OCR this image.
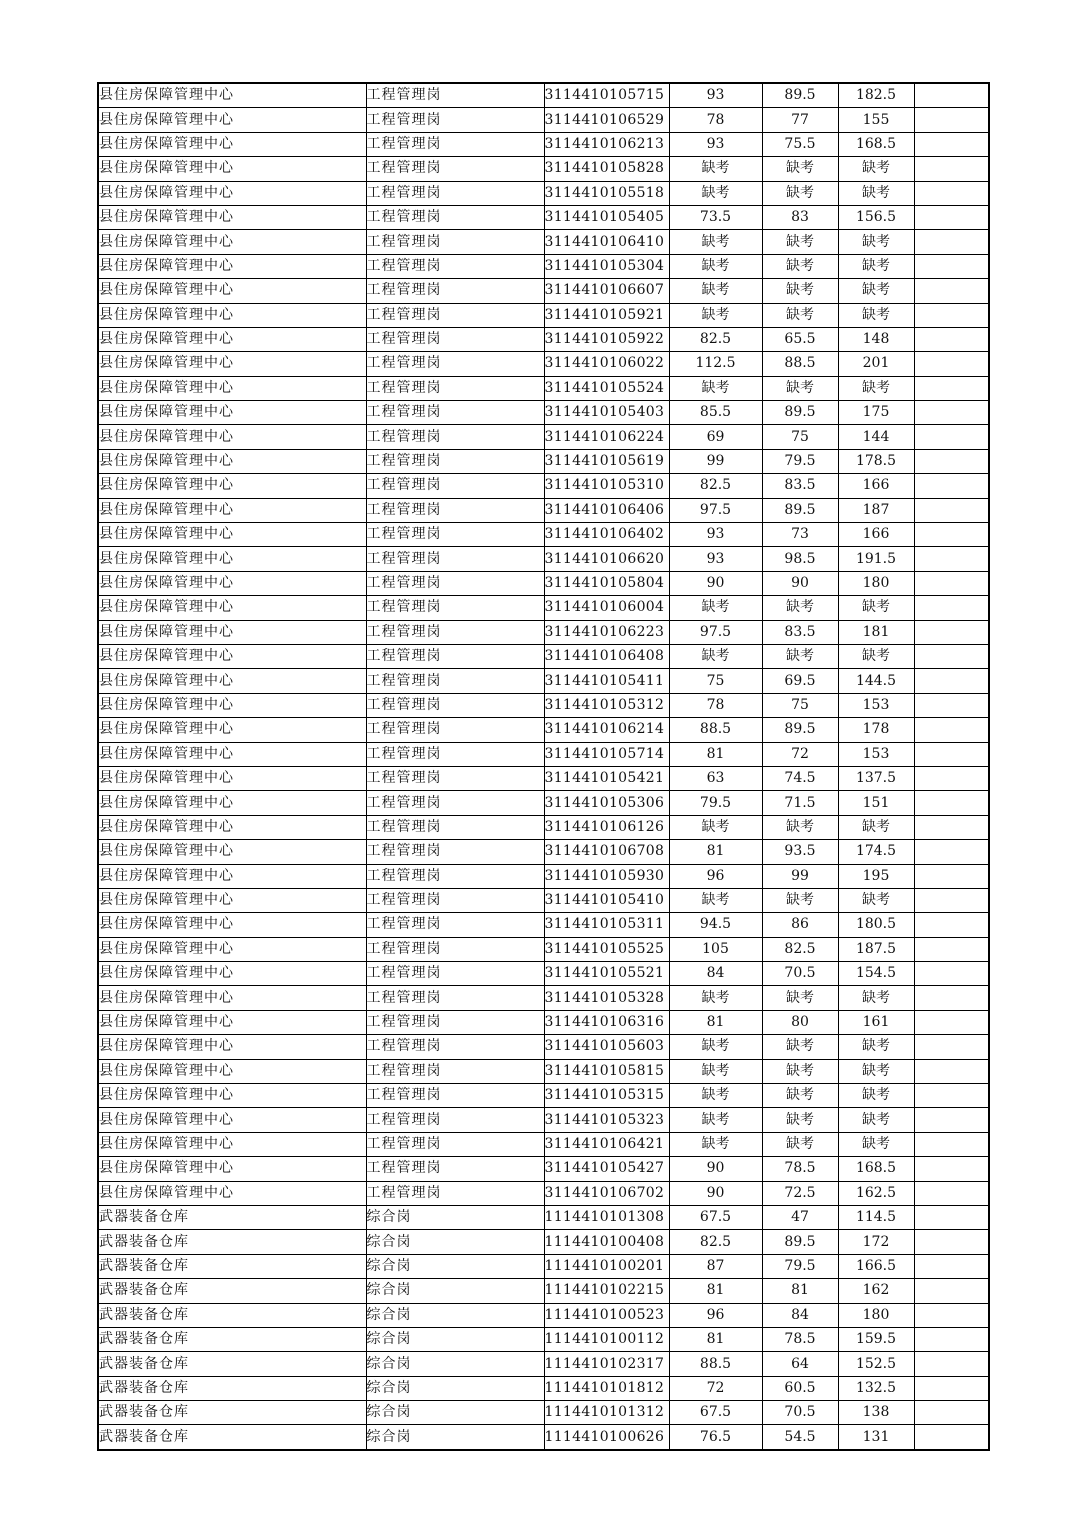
县住房保障管理中心	工程管理岗	3114410105715	93	89.5	182.5	
县住房保障管理中心	工程管理岗	3114410106529	78	77	155	
县住房保障管理中心	工程管理岗	3114410106213	93	75.5	168.5	
县住房保障管理中心	工程管理岗	3114410105828	缺考	缺考	缺考	
县住房保障管理中心	工程管理岗	3114410105518	缺考	缺考	缺考	
县住房保障管理中心	工程管理岗	3114410105405	73.5	83	156.5	
县住房保障管理中心	工程管理岗	3114410106410	缺考	缺考	缺考	
县住房保障管理中心	工程管理岗	3114410105304	缺考	缺考	缺考	
县住房保障管理中心	工程管理岗	3114410106607	缺考	缺考	缺考	
县住房保障管理中心	工程管理岗	3114410105921	缺考	缺考	缺考	
县住房保障管理中心	工程管理岗	3114410105922	82.5	65.5	148	
县住房保障管理中心	工程管理岗	3114410106022	112.5	88.5	201	
县住房保障管理中心	工程管理岗	3114410105524	缺考	缺考	缺考	
县住房保障管理中心	工程管理岗	3114410105403	85.5	89.5	175	
县住房保障管理中心	工程管理岗	3114410106224	69	75	144	
县住房保障管理中心	工程管理岗	3114410105619	99	79.5	178.5	
县住房保障管理中心	工程管理岗	3114410105310	82.5	83.5	166	
县住房保障管理中心	工程管理岗	3114410106406	97.5	89.5	187	
县住房保障管理中心	工程管理岗	3114410106402	93	73	166	
县住房保障管理中心	工程管理岗	3114410106620	93	98.5	191.5	
县住房保障管理中心	工程管理岗	3114410105804	90	90	180	
县住房保障管理中心	工程管理岗	3114410106004	缺考	缺考	缺考	
县住房保障管理中心	工程管理岗	3114410106223	97.5	83.5	181	
县住房保障管理中心	工程管理岗	3114410106408	缺考	缺考	缺考	
县住房保障管理中心	工程管理岗	3114410105411	75	69.5	144.5	
县住房保障管理中心	工程管理岗	3114410105312	78	75	153	
县住房保障管理中心	工程管理岗	3114410106214	88.5	89.5	178	
县住房保障管理中心	工程管理岗	3114410105714	81	72	153	
县住房保障管理中心	工程管理岗	3114410105421	63	74.5	137.5	
县住房保障管理中心	工程管理岗	3114410105306	79.5	71.5	151	
县住房保障管理中心	工程管理岗	3114410106126	缺考	缺考	缺考	
县住房保障管理中心	工程管理岗	3114410106708	81	93.5	174.5	
县住房保障管理中心	工程管理岗	3114410105930	96	99	195	
县住房保障管理中心	工程管理岗	3114410105410	缺考	缺考	缺考	
县住房保障管理中心	工程管理岗	3114410105311	94.5	86	180.5	
县住房保障管理中心	工程管理岗	3114410105525	105	82.5	187.5	
县住房保障管理中心	工程管理岗	3114410105521	84	70.5	154.5	
县住房保障管理中心	工程管理岗	3114410105328	缺考	缺考	缺考	
县住房保障管理中心	工程管理岗	3114410106316	81	80	161	
县住房保障管理中心	工程管理岗	3114410105603	缺考	缺考	缺考	
县住房保障管理中心	工程管理岗	3114410105815	缺考	缺考	缺考	
县住房保障管理中心	工程管理岗	3114410105315	缺考	缺考	缺考	
县住房保障管理中心	工程管理岗	3114410105323	缺考	缺考	缺考	
县住房保障管理中心	工程管理岗	3114410106421	缺考	缺考	缺考	
县住房保障管理中心	工程管理岗	3114410105427	90	78.5	168.5	
县住房保障管理中心	工程管理岗	3114410106702	90	72.5	162.5	
武器装备仓库	综合岗	1114410101308	67.5	47	114.5	
武器装备仓库	综合岗	1114410100408	82.5	89.5	172	
武器装备仓库	综合岗	1114410100201	87	79.5	166.5	
武器装备仓库	综合岗	1114410102215	81	81	162	
武器装备仓库	综合岗	1114410100523	96	84	180	
武器装备仓库	综合岗	1114410100112	81	78.5	159.5	
武器装备仓库	综合岗	1114410102317	88.5	64	152.5	
武器装备仓库	综合岗	1114410101812	72	60.5	132.5	
武器装备仓库	综合岗	1114410101312	67.5	70.5	138	
武器装备仓库	综合岗	1114410100626	76.5	54.5	131	
